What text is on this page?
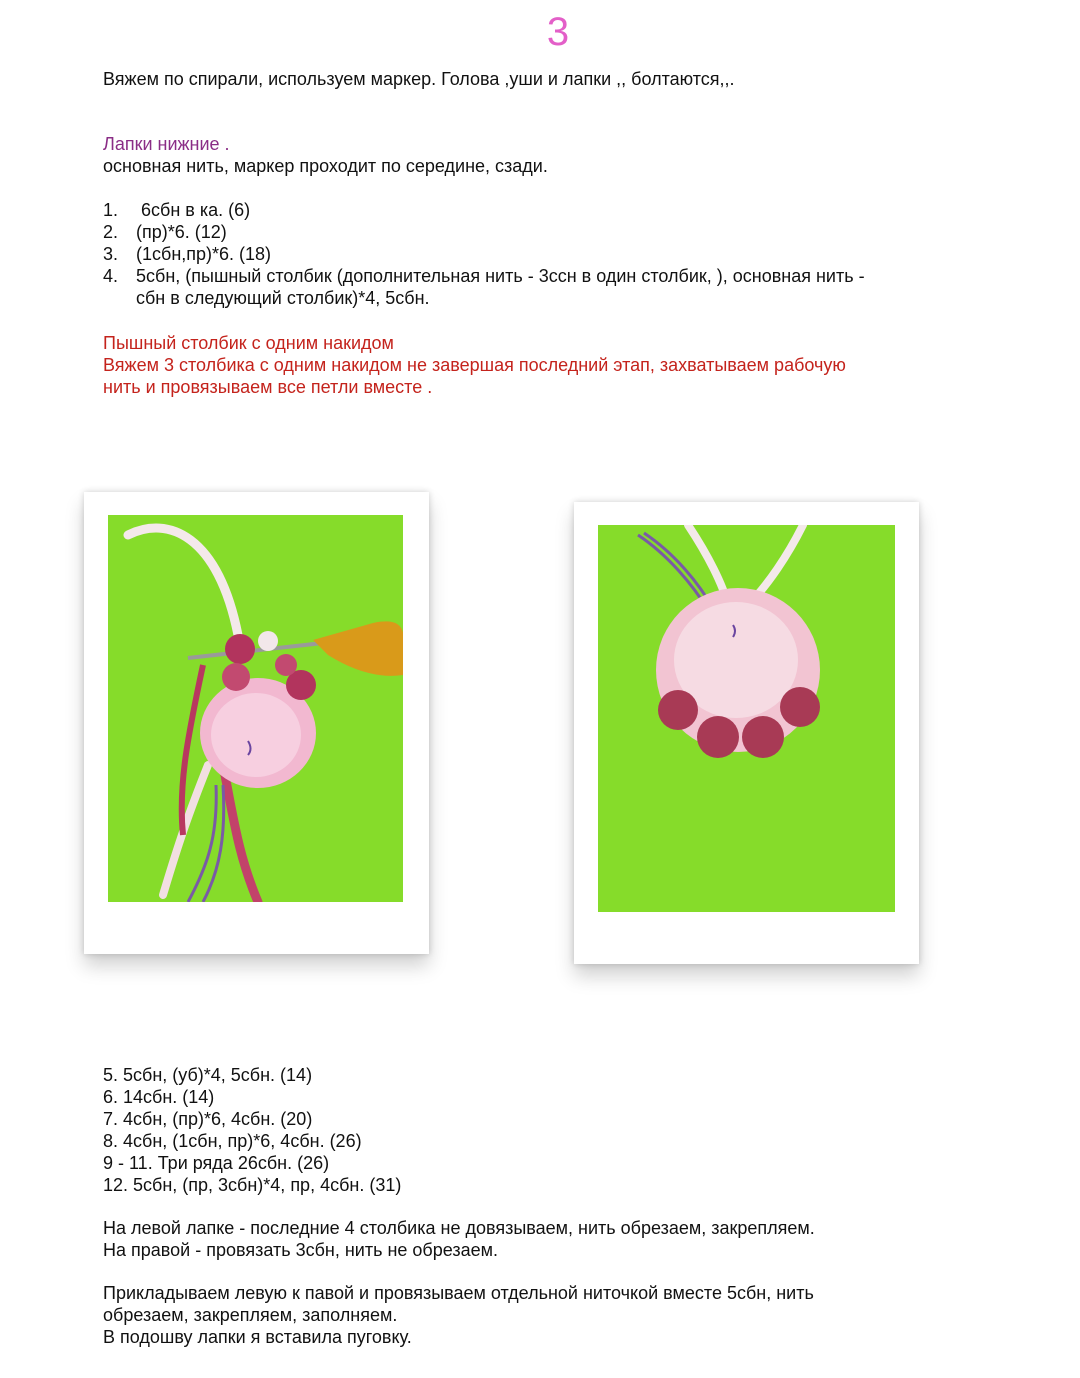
3
Вяжем по спирали, используем маркер. Голова ,уши и лапки ,, болтаются,,.
Лапки нижние .
основная нить, маркер проходит по середине, сзади.
1. 6сбн в ка. (6)
2. (пр)*6. (12)
3. (1сбн,пр)*6. (18)
4. 5сбн, (пышный столбик (дополнительная нить - 3ссн в один столбик, ), основная нить -
сбн в следующий столбик)*4, 5сбн.
Пышный столбик с одним накидом
Вяжем 3 столбика с одним накидом не завершая последний этап, захватываем рабочую
нить и провязываем все петли вместе .
5. 5сбн, (уб)*4, 5сбн. (14)
6. 14сбн. (14)
7. 4сбн, (пр)*6, 4сбн. (20)
8. 4сбн, (1сбн, пр)*6, 4сбн. (26)
9 - 11. Три ряда 26сбн. (26)
12. 5сбн, (пр, 3сбн)*4, пр, 4сбн. (31)
На левой лапке - последние 4 столбика не довязываем, нить обрезаем, закрепляем.
На правой - провязать 3сбн, нить не обрезаем.
Прикладываем левую к павой и провязываем отдельной ниточкой вместе 5сбн, нить
обрезаем, закрепляем, заполняем.
В подошву лапки я вставила пуговку.
